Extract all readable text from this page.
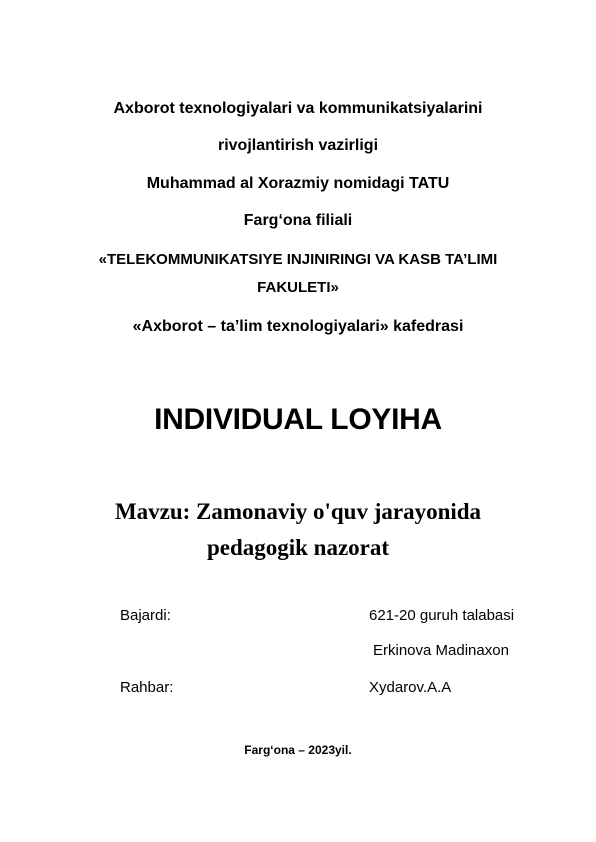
Axborot texnologiyalari va kommunikatsiyalarini
rivojlantirish vazirligi
Muhammad al Xorazmiy nomidagi TATU
Farg‘ona filiali
«TELEKOMMUNIKATSIYE INJINIRINGI VA KASB TA’LIMI
FAKULETI»
«Axborot – ta’lim texnologiyalari» kafedrasi
INDIVIDUAL LOYIHA
Mavzu: Zamonaviy o'quv jarayonida
pedagogik nazorat
Bajardi:	621-20 guruh talabasi
Erkinova Madinaxon
Rahbar:	Xydarov.A.A
Farg‘ona – 2023yil.
